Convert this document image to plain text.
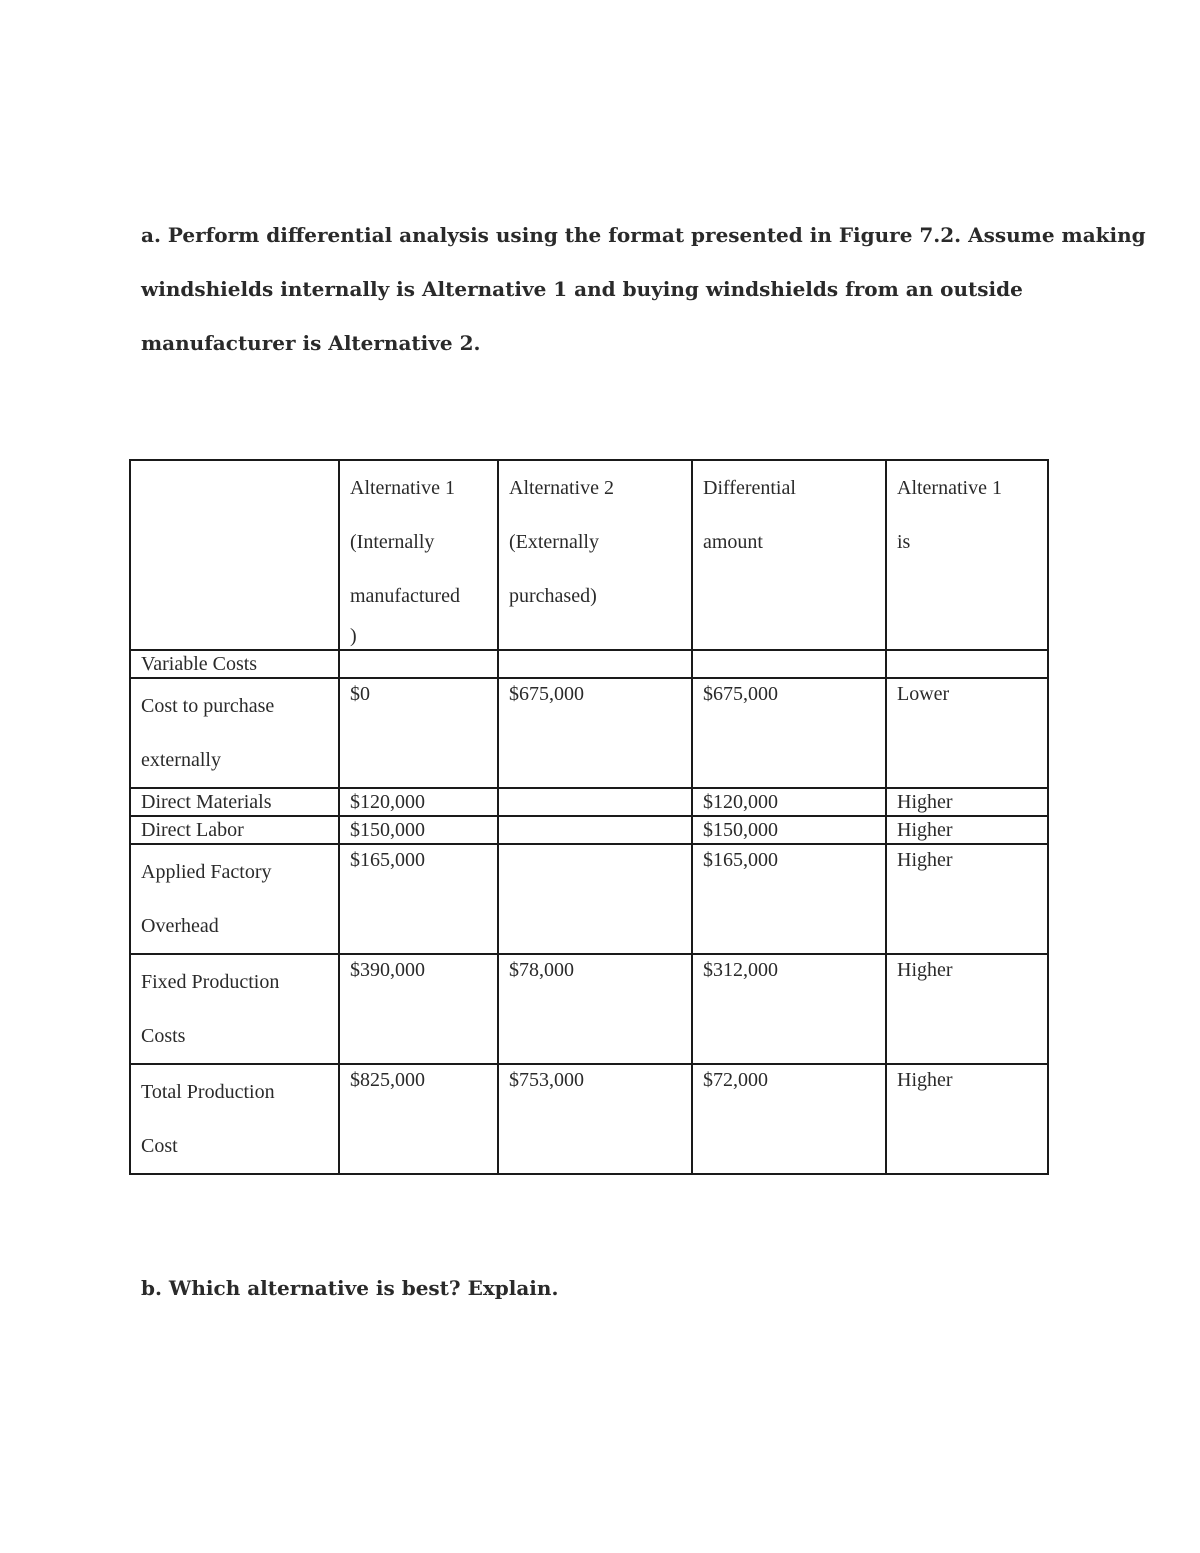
a. Perform differential analysis using the format presented in Figure 7.2. Assume making
windshields internally is Alternative 1 and buying windshields from an outside
manufacturer is Alternative 2.

	Alternative 1
(Internally
manufactured
)	Alternative 2
(Externally
purchased)	Differential
amount	Alternative 1
is

Variable Costs				

Cost to purchase
externally	$0	$675,000	$675,000	Lower

Direct Materials	$120,000		$120,000	Higher

Direct Labor	$150,000		$150,000	Higher

Applied Factory
Overhead	$165,000		$165,000	Higher

Fixed Production
Costs	$390,000	$78,000	$312,000	Higher

Total Production
Cost	$825,000	$753,000	$72,000	Higher

b. Which alternative is best? Explain.
